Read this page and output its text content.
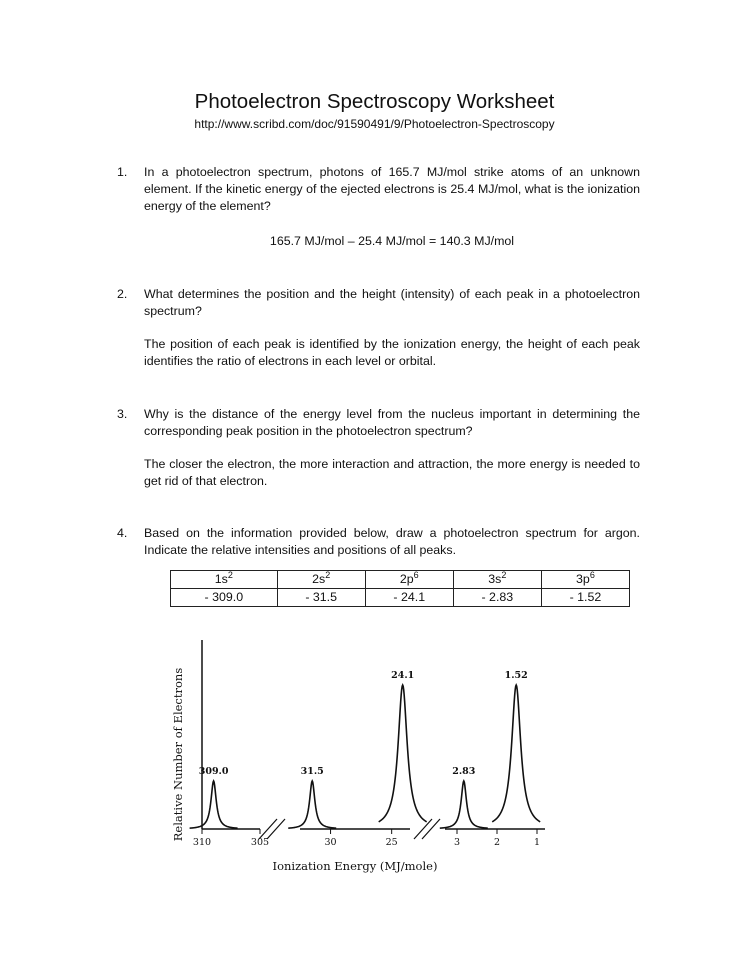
Photoelectron Spectroscopy Worksheet
http://www.scribd.com/doc/91590491/9/Photoelectron-Spectroscopy
1. In a photoelectron spectrum, photons of 165.7 MJ/mol strike atoms of an unknown element. If the kinetic energy of the ejected electrons is 25.4 MJ/mol, what is the ionization energy of the element?
165.7 MJ/mol – 25.4 MJ/mol = 140.3 MJ/mol
2. What determines the position and the height (intensity) of each peak in a photoelectron spectrum?
The position of each peak is identified by the ionization energy, the height of each peak identifies the ratio of electrons in each level or orbital.
3. Why is the distance of the energy level from the nucleus important in determining the corresponding peak position in the photoelectron spectrum?
The closer the electron, the more interaction and attraction, the more energy is needed to get rid of that electron.
4. Based on the information provided below, draw a photoelectron spectrum for argon. Indicate the relative intensities and positions of all peaks.
$1s^2$	$2s^2$	$2p^6$	$3s^2$	$3p^6$
- 309.0	- 31.5	- 24.1	- 2.83	- 1.52
310	305	30	25	3	2	1
309.0	31.5
24.1
2.83
1.52
Ionization Energy (MJ/mole)
Relative Number of Electrons
